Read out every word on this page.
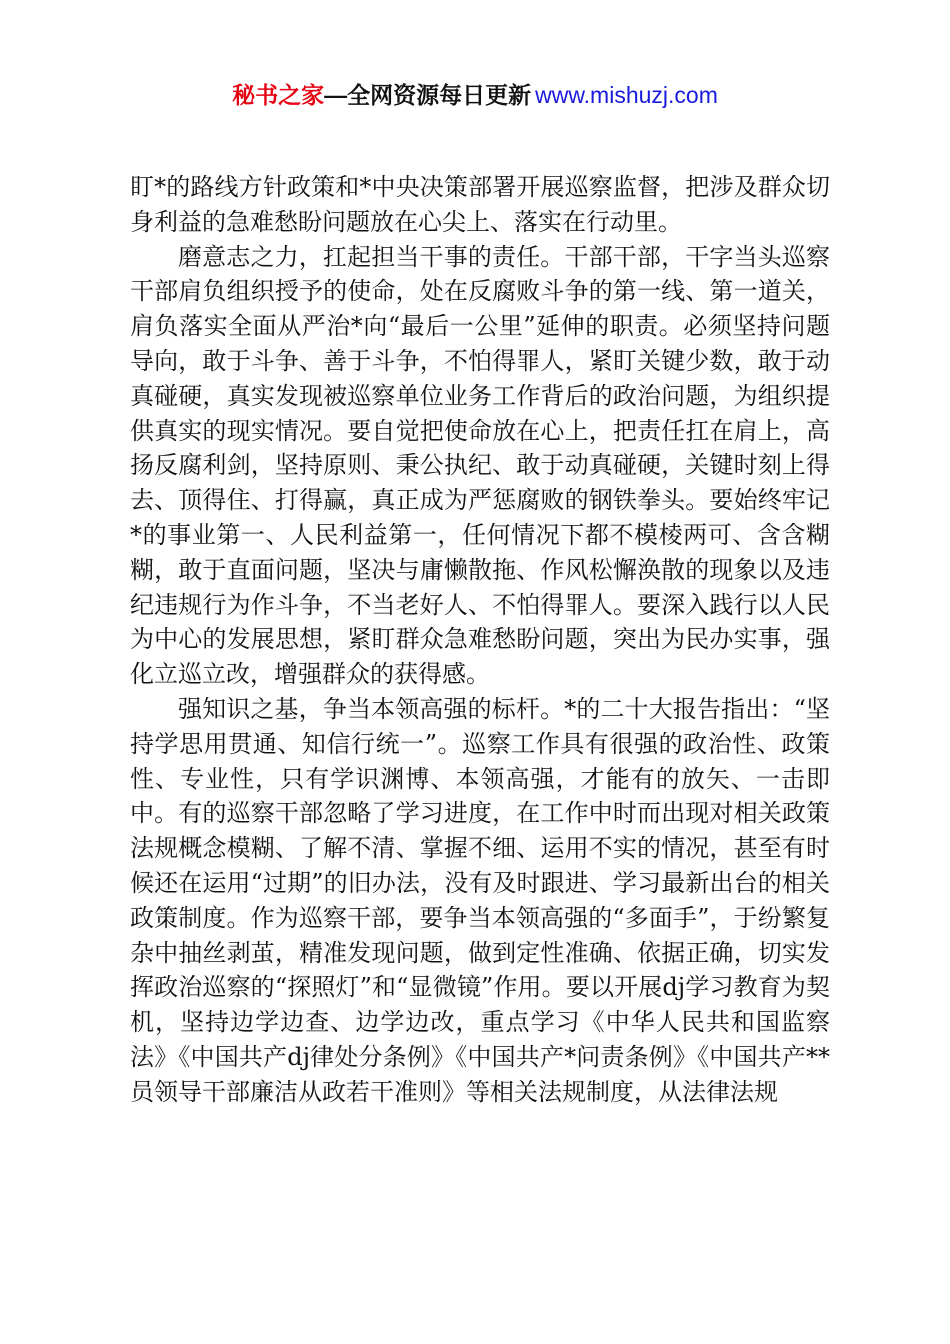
秘书之家—全网资源每日更新 www.mishuzj.com

盯*的路线方针政策和*中央决策部署开展巡察监督，把涉及群众切身利益的急难愁盼问题放在心尖上、落实在行动里。

磨意志之力，扛起担当干事的责任。干部干部，干字当头巡察干部肩负组织授予的使命，处在反腐败斗争的第一线、第一道关，肩负落实全面从严治*向“最后一公里”延伸的职责。必须坚持问题导向，敢于斗争、善于斗争，不怕得罪人，紧盯关键少数，敢于动真碰硬，真实发现被巡察单位业务工作背后的政治问题，为组织提供真实的现实情况。要自觉把使命放在心上，把责任扛在肩上，高扬反腐利剑，坚持原则、秉公执纪、敢于动真碰硬，关键时刻上得去、顶得住、打得赢，真正成为严惩腐败的钢铁拳头。要始终牢记*的事业第一、人民利益第一，任何情况下都不模棱两可、含含糊糊，敢于直面问题，坚决与庸懒散拖、作风松懈涣散的现象以及违纪违规行为作斗争，不当老好人、不怕得罪人。要深入践行以人民为中心的发展思想，紧盯群众急难愁盼问题，突出为民办实事，强化立巡立改，增强群众的获得感。

强知识之基，争当本领高强的标杆。*的二十大报告指出：“坚持学思用贯通、知信行统一”。巡察工作具有很强的政治性、政策性、专业性，只有学识渊博、本领高强，才能有的放矢、一击即中。有的巡察干部忽略了学习进度，在工作中时而出现对相关政策法规概念模糊、了解不清、掌握不细、运用不实的情况，甚至有时候还在运用“过期”的旧办法，没有及时跟进、学习最新出台的相关政策制度。作为巡察干部，要争当本领高强的“多面手”，于纷繁复杂中抽丝剥茧，精准发现问题，做到定性准确、依据正确，切实发挥政治巡察的“探照灯”和“显微镜”作用。要以开展dj学习教育为契机，坚持边学边查、边学边改，重点学习《中华人民共和国监察法》《中国共产dj律处分条例》《中国共产*问责条例》《中国共产**员领导干部廉洁从政若干准则》等相关法规制度，从法律法规
